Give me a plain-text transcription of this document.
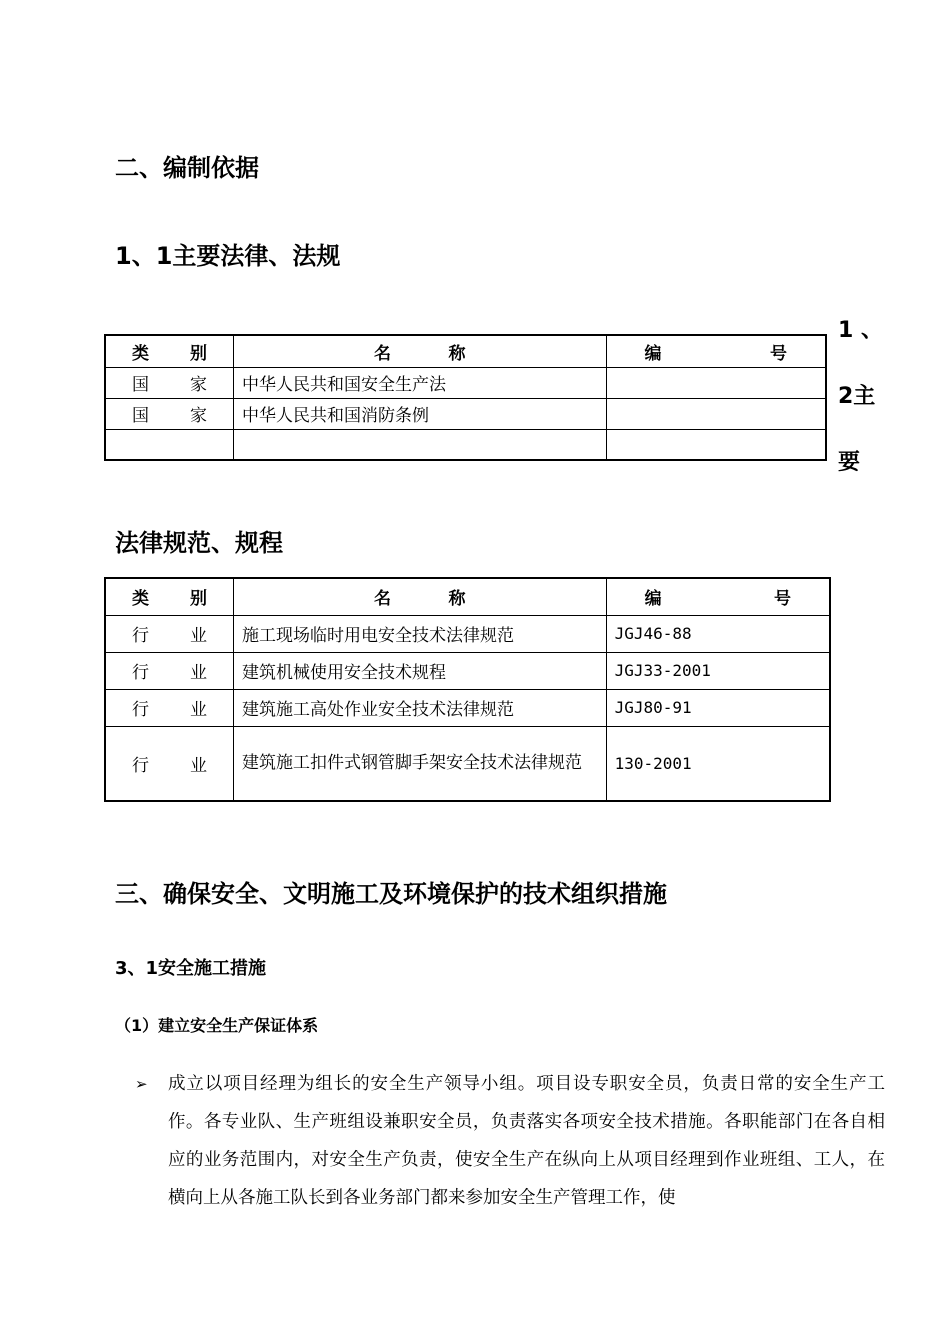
二、编制依据
1、1主要法律、法规
1 、
2主
要
类　别	名　　称	编　　号
国　家	中华人民共和国安全生产法	
国　家	中华人民共和国消防条例	

法律规范、规程
类　别	名　　称	编　　号
行　业	施工现场临时用电安全技术法律规范	JGJ46-88
行　业	建筑机械使用安全技术规程	JGJ33-2001
行　业	建筑施工高处作业安全技术法律规范	JGJ80-91
行　业	建筑施工扣件式钢管脚手架安全技术法律规范	130-2001
三、确保安全、文明施工及环境保护的技术组织措施
3、1安全施工措施
（1）建立安全生产保证体系
➢ 成立以项目经理为组长的安全生产领导小组。项目设专职安全员，负责日常的安全生产工作。各专业队、生产班组设兼职安全员，负责落实各项安全技术措施。各职能部门在各自相应的业务范围内，对安全生产负责，使安全生产在纵向上从项目经理到作业班组、工人，在横向上从各施工队长到各业务部门都来参加安全生产管理工作，使
